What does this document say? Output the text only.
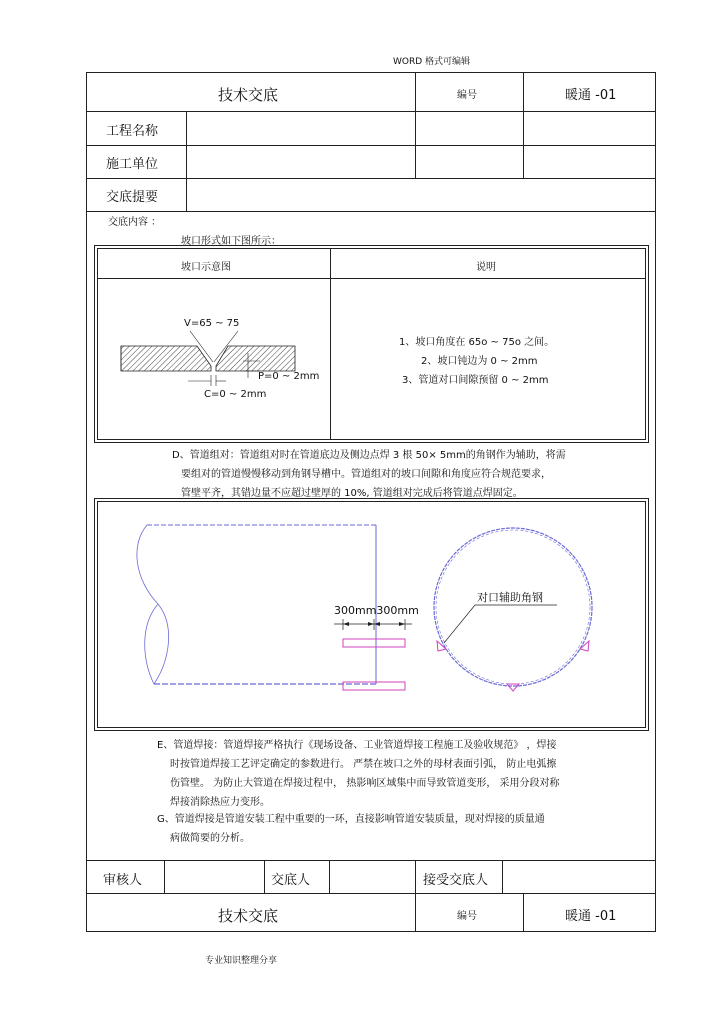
WORD 格式可编辑
技术交底	编号	暖通 -01
工程名称
施工单位
交底提要
交底内容 ：
坡口形式如下图所示：
坡口示意图	说明
V=65 ~ 75
P=0 ~ 2mm
C=0 ~ 2mm
1、坡口角度在 65o ~ 75o 之间。
2、坡口钝边为 0 ~ 2mm
3、管道对口间隙预留 0 ~ 2mm
D、管道组对：管道组对时在管道底边及侧边点焊 3 根 50× 5mm的角钢作为辅助，将需
要组对的管道慢慢移动到角钢导槽中。管道组对的坡口间隙和角度应符合规范要求，
管壁平齐，其错边量不应超过壁厚的 10%, 管道组对完成后将管道点焊固定。
300mm300mm
对口辅助角钢
E、管道焊接：管道焊接严格执行《现场设备、工业管道焊接工程施工及验收规范》 ，焊接
时按管道焊接工艺评定确定的参数进行。 严禁在坡口之外的母材表面引弧， 防止电弧擦
伤管壁。 为防止大管道在焊接过程中， 热影响区域集中而导致管道变形， 采用分段对称
焊接消除热应力变形。
G、管道焊接是管道安装工程中重要的一环，直接影响管道安装质量，现对焊接的质量通
病做简要的分析。
审核人	交底人	接受交底人
技术交底	编号	暖通 -01
专业知识整理分享
